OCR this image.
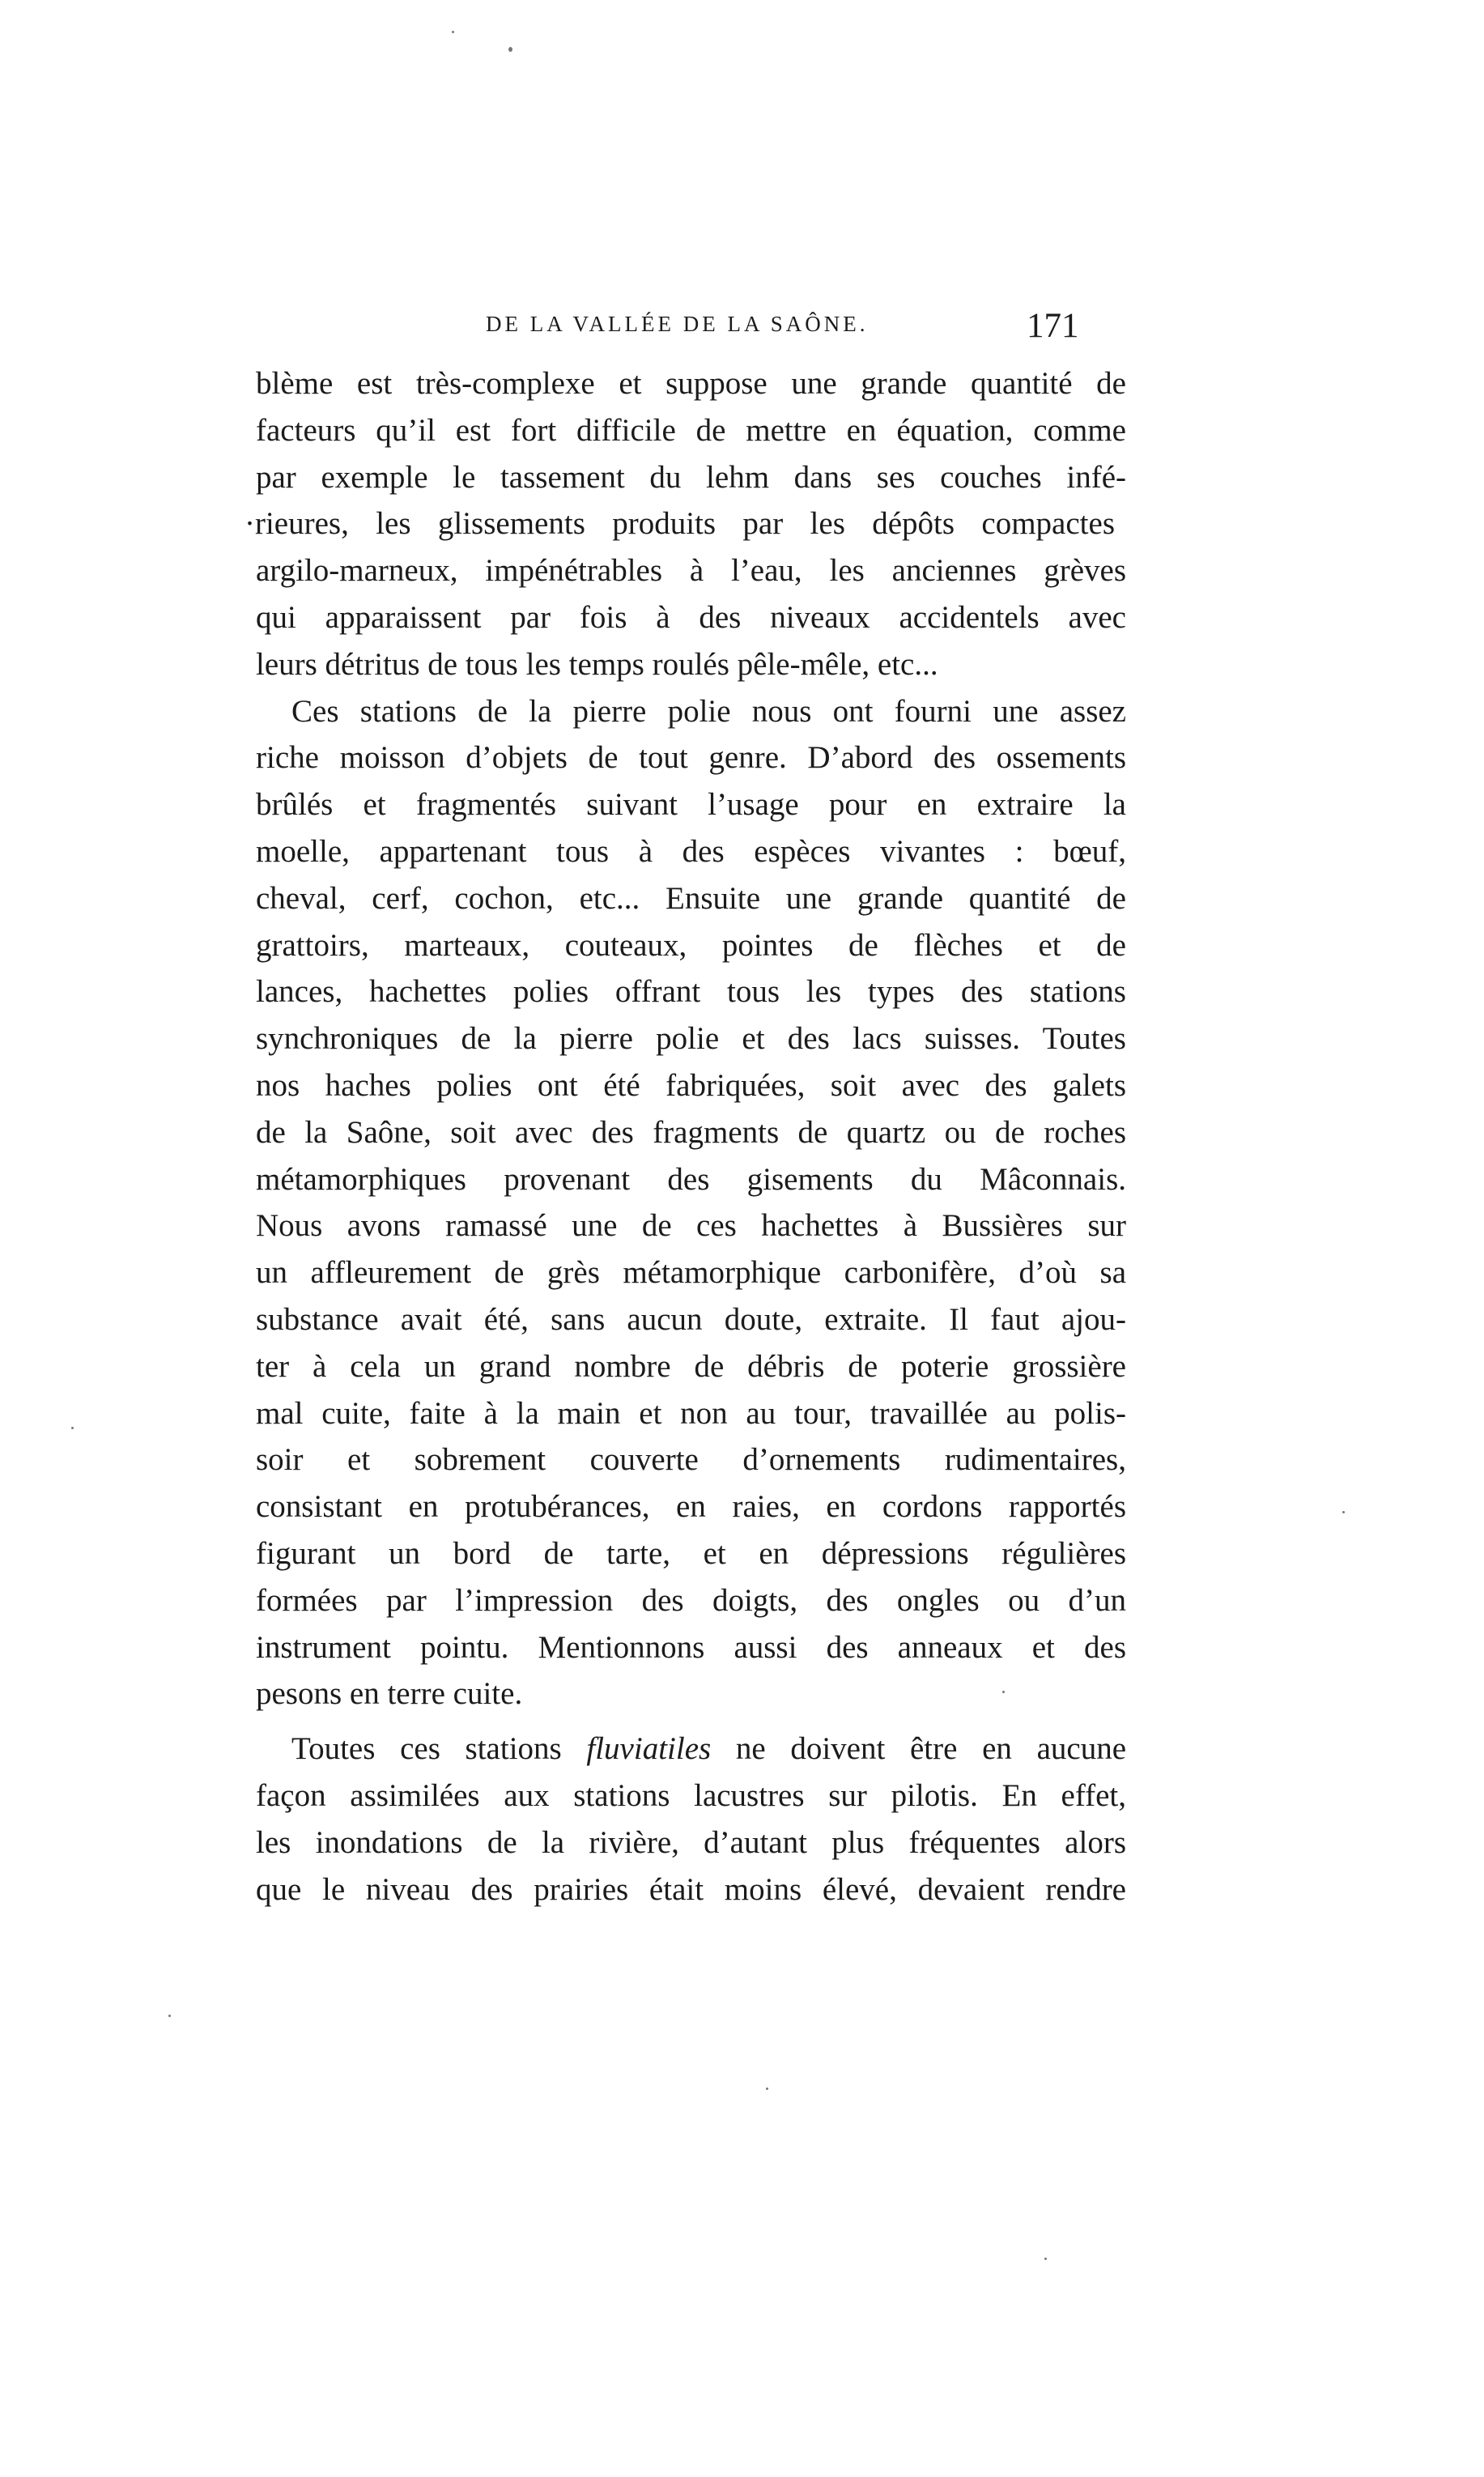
DE LA VALLÉE DE LA SAÔNE.	171
blème est très-complexe et suppose une grande quantité de
facteurs qu’il est fort difficile de mettre en équation, comme
par exemple le tassement du lehm dans ses couches infé-
·rieures, les glissements produits par les dépôts compactes
argilo-marneux, impénétrables à l’eau, les anciennes grèves
qui apparaissent par fois à des niveaux accidentels avec
leurs détritus de tous les temps roulés pêle-mêle, etc...
Ces stations de la pierre polie nous ont fourni une assez
riche moisson d’objets de tout genre. D’abord des ossements
brûlés et fragmentés suivant l’usage pour en extraire la
moelle, appartenant tous à des espèces vivantes : bœuf,
cheval, cerf, cochon, etc... Ensuite une grande quantité de
grattoirs, marteaux, couteaux, pointes de flèches et de
lances, hachettes polies offrant tous les types des stations
synchroniques de la pierre polie et des lacs suisses. Toutes
nos haches polies ont été fabriquées, soit avec des galets
de la Saône, soit avec des fragments de quartz ou de roches
métamorphiques provenant des gisements du Mâconnais.
Nous avons ramassé une de ces hachettes à Bussières sur
un affleurement de grès métamorphique carbonifère, d’où sa
substance avait été, sans aucun doute, extraite. Il faut ajou-
ter à cela un grand nombre de débris de poterie grossière
mal cuite, faite à la main et non au tour, travaillée au polis-
soir et sobrement couverte d’ornements rudimentaires,
consistant en protubérances, en raies, en cordons rapportés
figurant un bord de tarte, et en dépressions régulières
formées par l’impression des doigts, des ongles ou d’un
instrument pointu. Mentionnons aussi des anneaux et des
pesons en terre cuite.
Toutes ces stations fluviatiles ne doivent être en aucune
façon assimilées aux stations lacustres sur pilotis. En effet,
les inondations de la rivière, d’autant plus fréquentes alors
que le niveau des prairies était moins élevé, devaient rendre
